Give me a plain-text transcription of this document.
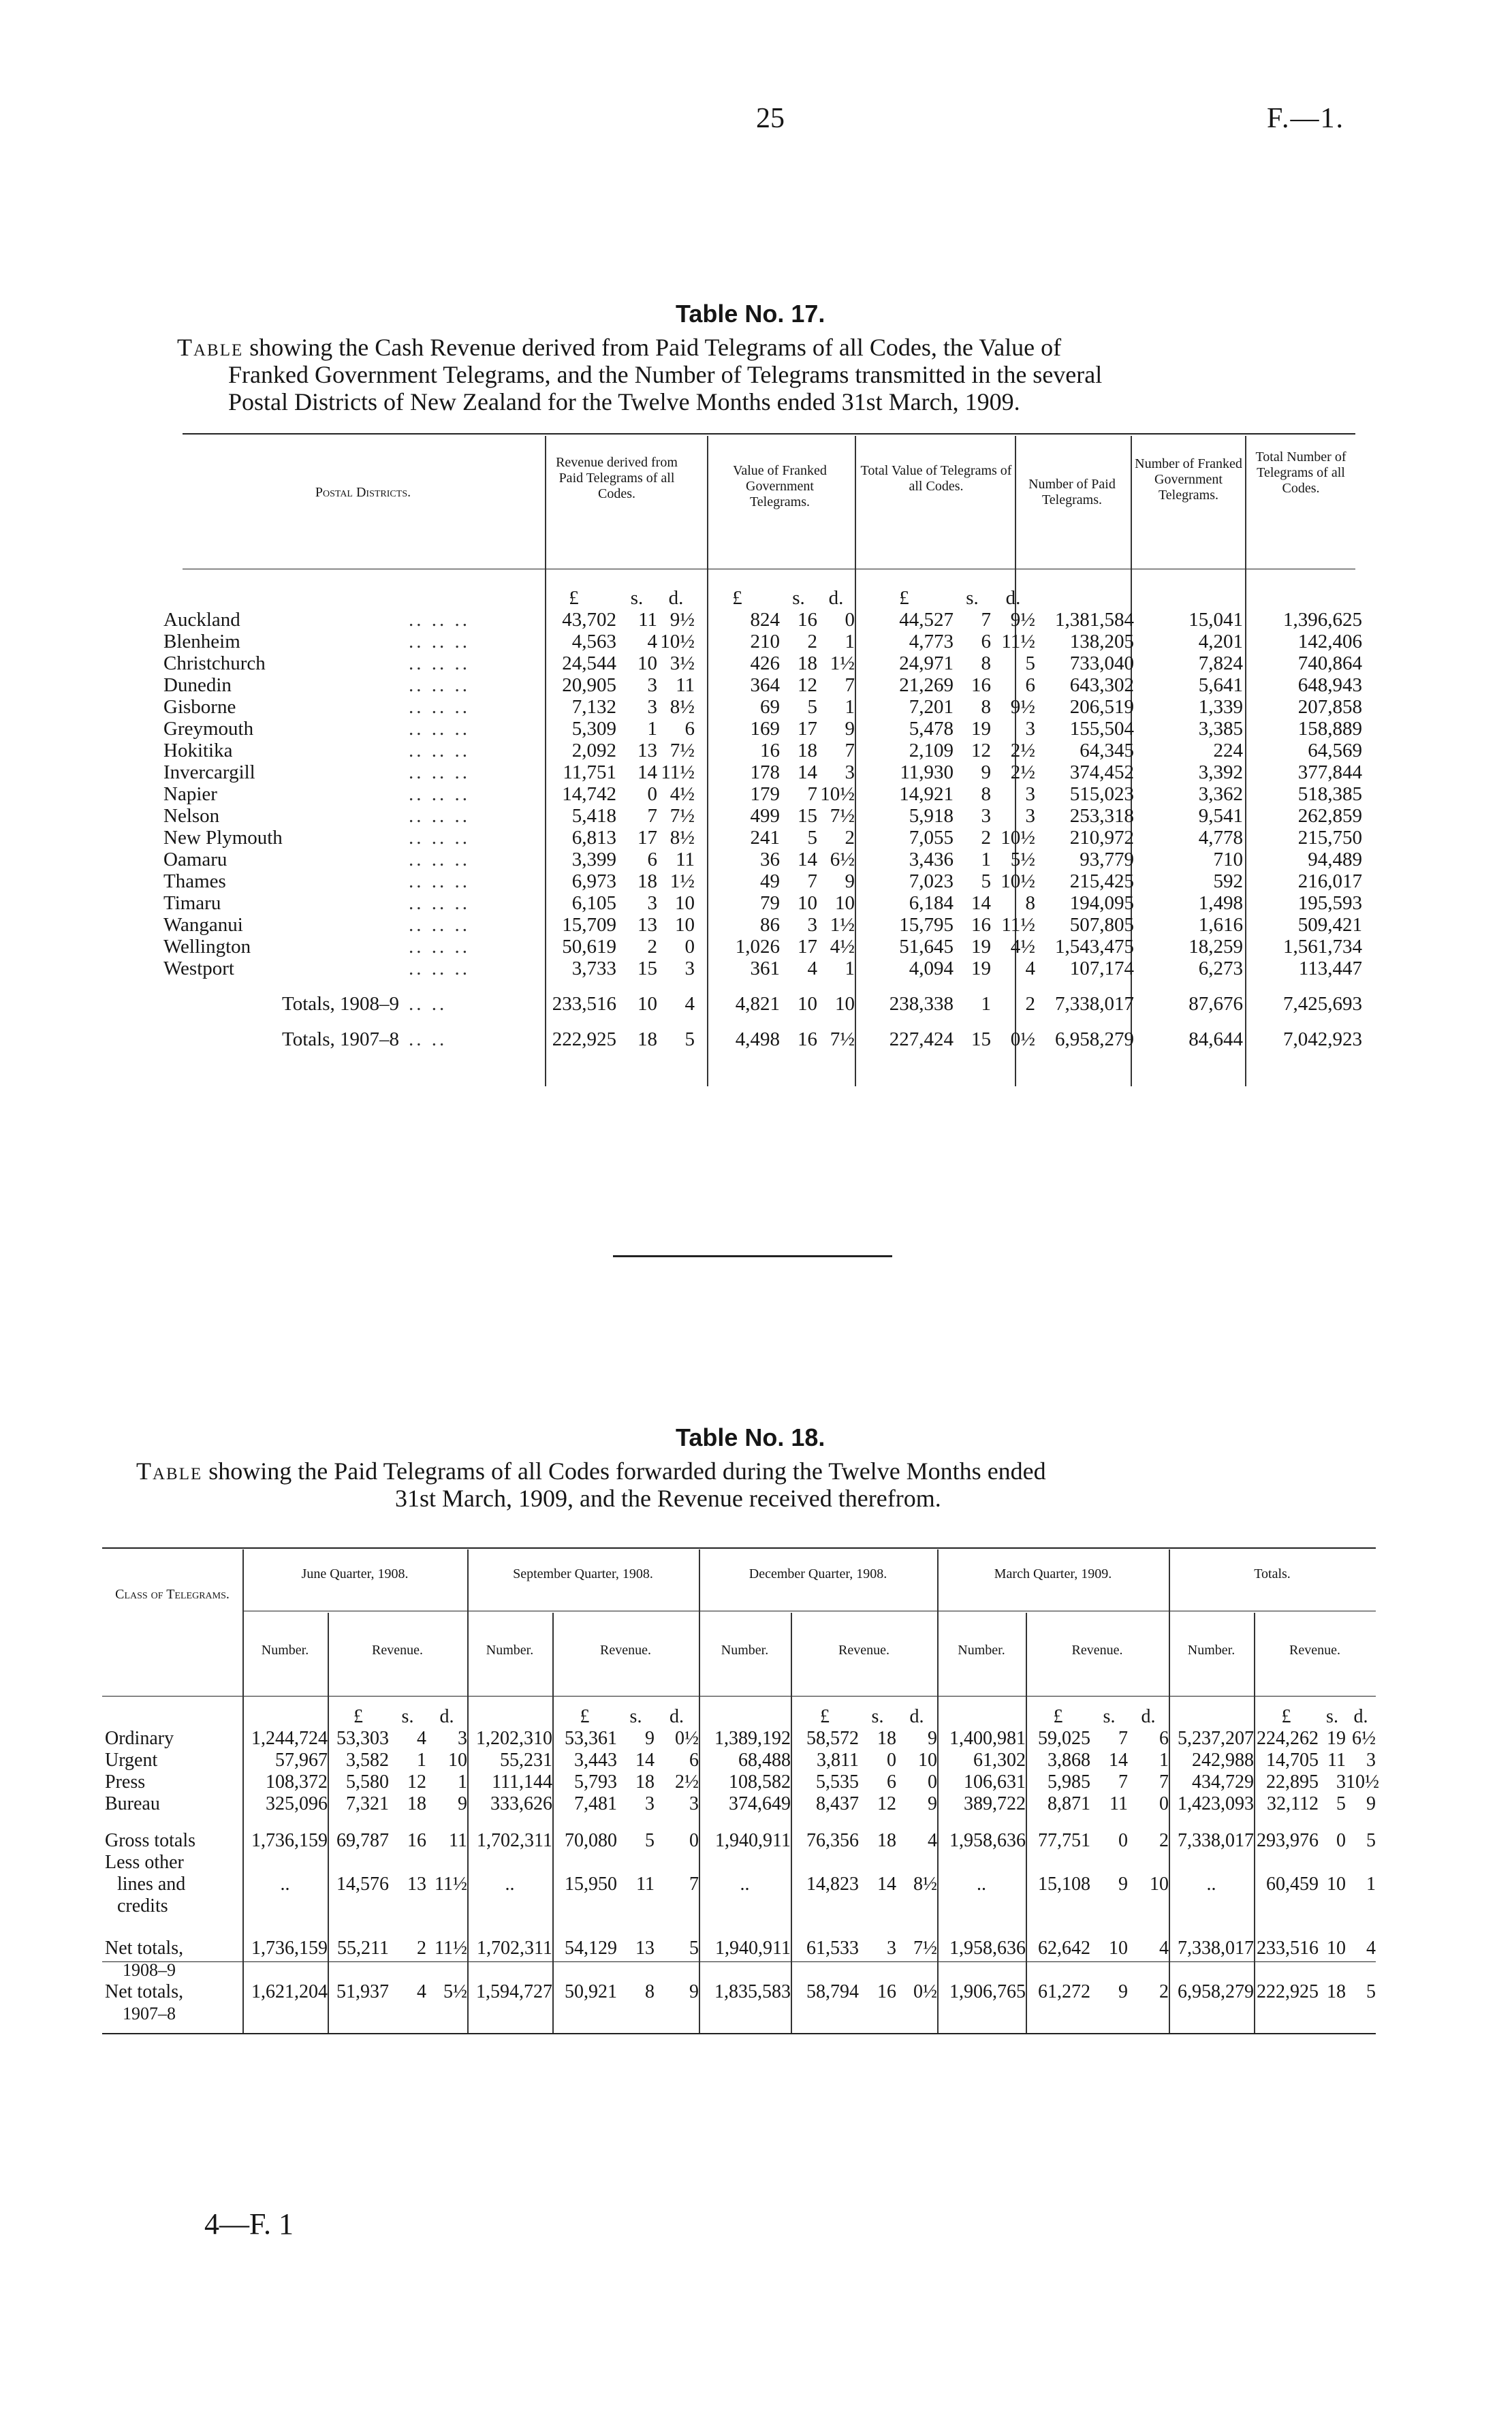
25	F.—1.
Table No. 17.
Table showing the Cash Revenue derived from Paid Telegrams of all Codes, the Value of
Franked Government Telegrams, and the Number of Telegrams transmitted in the several
Postal Districts of New Zealand for the Twelve Months ended 31st March, 1909.
Postal Districts.
Revenue derived from Paid Telegrams of all Codes.
Value of Franked Government Telegrams.
Total Value of Telegrams of all Codes.	Number of Paid Telegrams.
Number of Franked Government Telegrams.
Total Number of Telegrams of all Codes.
		£	s.	d.	£	s.	d.	£	s.	d.			
Auckland	.. .. ..	43,702	11	9½	824	16	0	44,527	7	9½	1,381,584	15,041	1,396,625
Blenheim	.. .. ..	4,563	4	10½	210	2	1	4,773	6	11½	138,205	4,201	142,406
Christchurch	.. .. ..	24,544	10	3½	426	18	1½	24,971	8	5	733,040	7,824	740,864
Dunedin	.. .. ..	20,905	3	11	364	12	7	21,269	16	6	643,302	5,641	648,943
Gisborne	.. .. ..	7,132	3	8½	69	5	1	7,201	8	9½	206,519	1,339	207,858
Greymouth	.. .. ..	5,309	1	6	169	17	9	5,478	19	3	155,504	3,385	158,889
Hokitika	.. .. ..	2,092	13	7½	16	18	7	2,109	12	2½	64,345	224	64,569
Invercargill	.. .. ..	11,751	14	11½	178	14	3	11,930	9	2½	374,452	3,392	377,844
Napier	.. .. ..	14,742	0	4½	179	7	10½	14,921	8	3	515,023	3,362	518,385
Nelson	.. .. ..	5,418	7	7½	499	15	7½	5,918	3	3	253,318	9,541	262,859
New Plymouth	.. .. ..	6,813	17	8½	241	5	2	7,055	2	10½	210,972	4,778	215,750
Oamaru	.. .. ..	3,399	6	11	36	14	6½	3,436	1	5½	93,779	710	94,489
Thames	.. .. ..	6,973	18	1½	49	7	9	7,023	5	10½	215,425	592	216,017
Timaru	.. .. ..	6,105	3	10	79	10	10	6,184	14	8	194,095	1,498	195,593
Wanganui	.. .. ..	15,709	13	10	86	3	1½	15,795	16	11½	507,805	1,616	509,421
Wellington	.. .. ..	50,619	2	0	1,026	17	4½	51,645	19	4½	1,543,475	18,259	1,561,734
Westport	.. .. ..	3,733	15	3	361	4	1	4,094	19	4	107,174	6,273	113,447

Totals, 1908–9	.. ..	233,516	10	4	4,821	10	10	238,338	1	2	7,338,017	87,676	7,425,693

Totals, 1907–8	.. ..	222,925	18	5	4,498	16	7½	227,424	15	0½	6,958,279	84,644	7,042,923
Table No. 18.
Table showing the Paid Telegrams of all Codes forwarded during the Twelve Months ended
31st March, 1909, and the Revenue received therefrom.
Class of Telegrams.
June Quarter, 1908.	September Quarter, 1908.	December Quarter, 1908.	March Quarter, 1909.	Totals.
Number.	Revenue.	Number.	Revenue.	Number.	Revenue.	Number.	Revenue.	Number.	Revenue.
		£	s.	d.		£	s.	d.		£	s.	d.		£	s.	d.		£	s.	d.
Ordinary	1,244,724	53,303	4	3	1,202,310	53,361	9	0½	1,389,192	58,572	18	9	1,400,981	59,025	7	6	5,237,207	224,262	19	6½
Urgent	57,967	3,582	1	10	55,231	3,443	14	6	68,488	3,811	0	10	61,302	3,868	14	1	242,988	14,705	11	3
Press	108,372	5,580	12	1	111,144	5,793	18	2½	108,582	5,535	6	0	106,631	5,985	7	7	434,729	22,895	3	10½
Bureau	325,096	7,321	18	9	333,626	7,481	3	3	374,649	8,437	12	9	389,722	8,871	11	0	1,423,093	32,112	5	9

Gross totals	1,736,159	69,787	16	11	1,702,311	70,080	5	0	1,940,911	76,356	18	4	1,958,636	77,751	0	2	7,338,017	293,976	0	5
Less other																				
lines and	..	14,576	13	11½	..	15,950	11	7	..	14,823	14	8½	..	15,108	9	10	..	60,459	10	1
credits																				

Net totals,	1,736,159	55,211	2	11½	1,702,311	54,129	13	5	1,940,911	61,533	3	7½	1,958,636	62,642	10	4	7,338,017	233,516	10	4
1908–9																				
Net totals,	1,621,204	51,937	4	5½	1,594,727	50,921	8	9	1,835,583	58,794	16	0½	1,906,765	61,272	9	2	6,958,279	222,925	18	5
1907–8																				
4—F. 1
